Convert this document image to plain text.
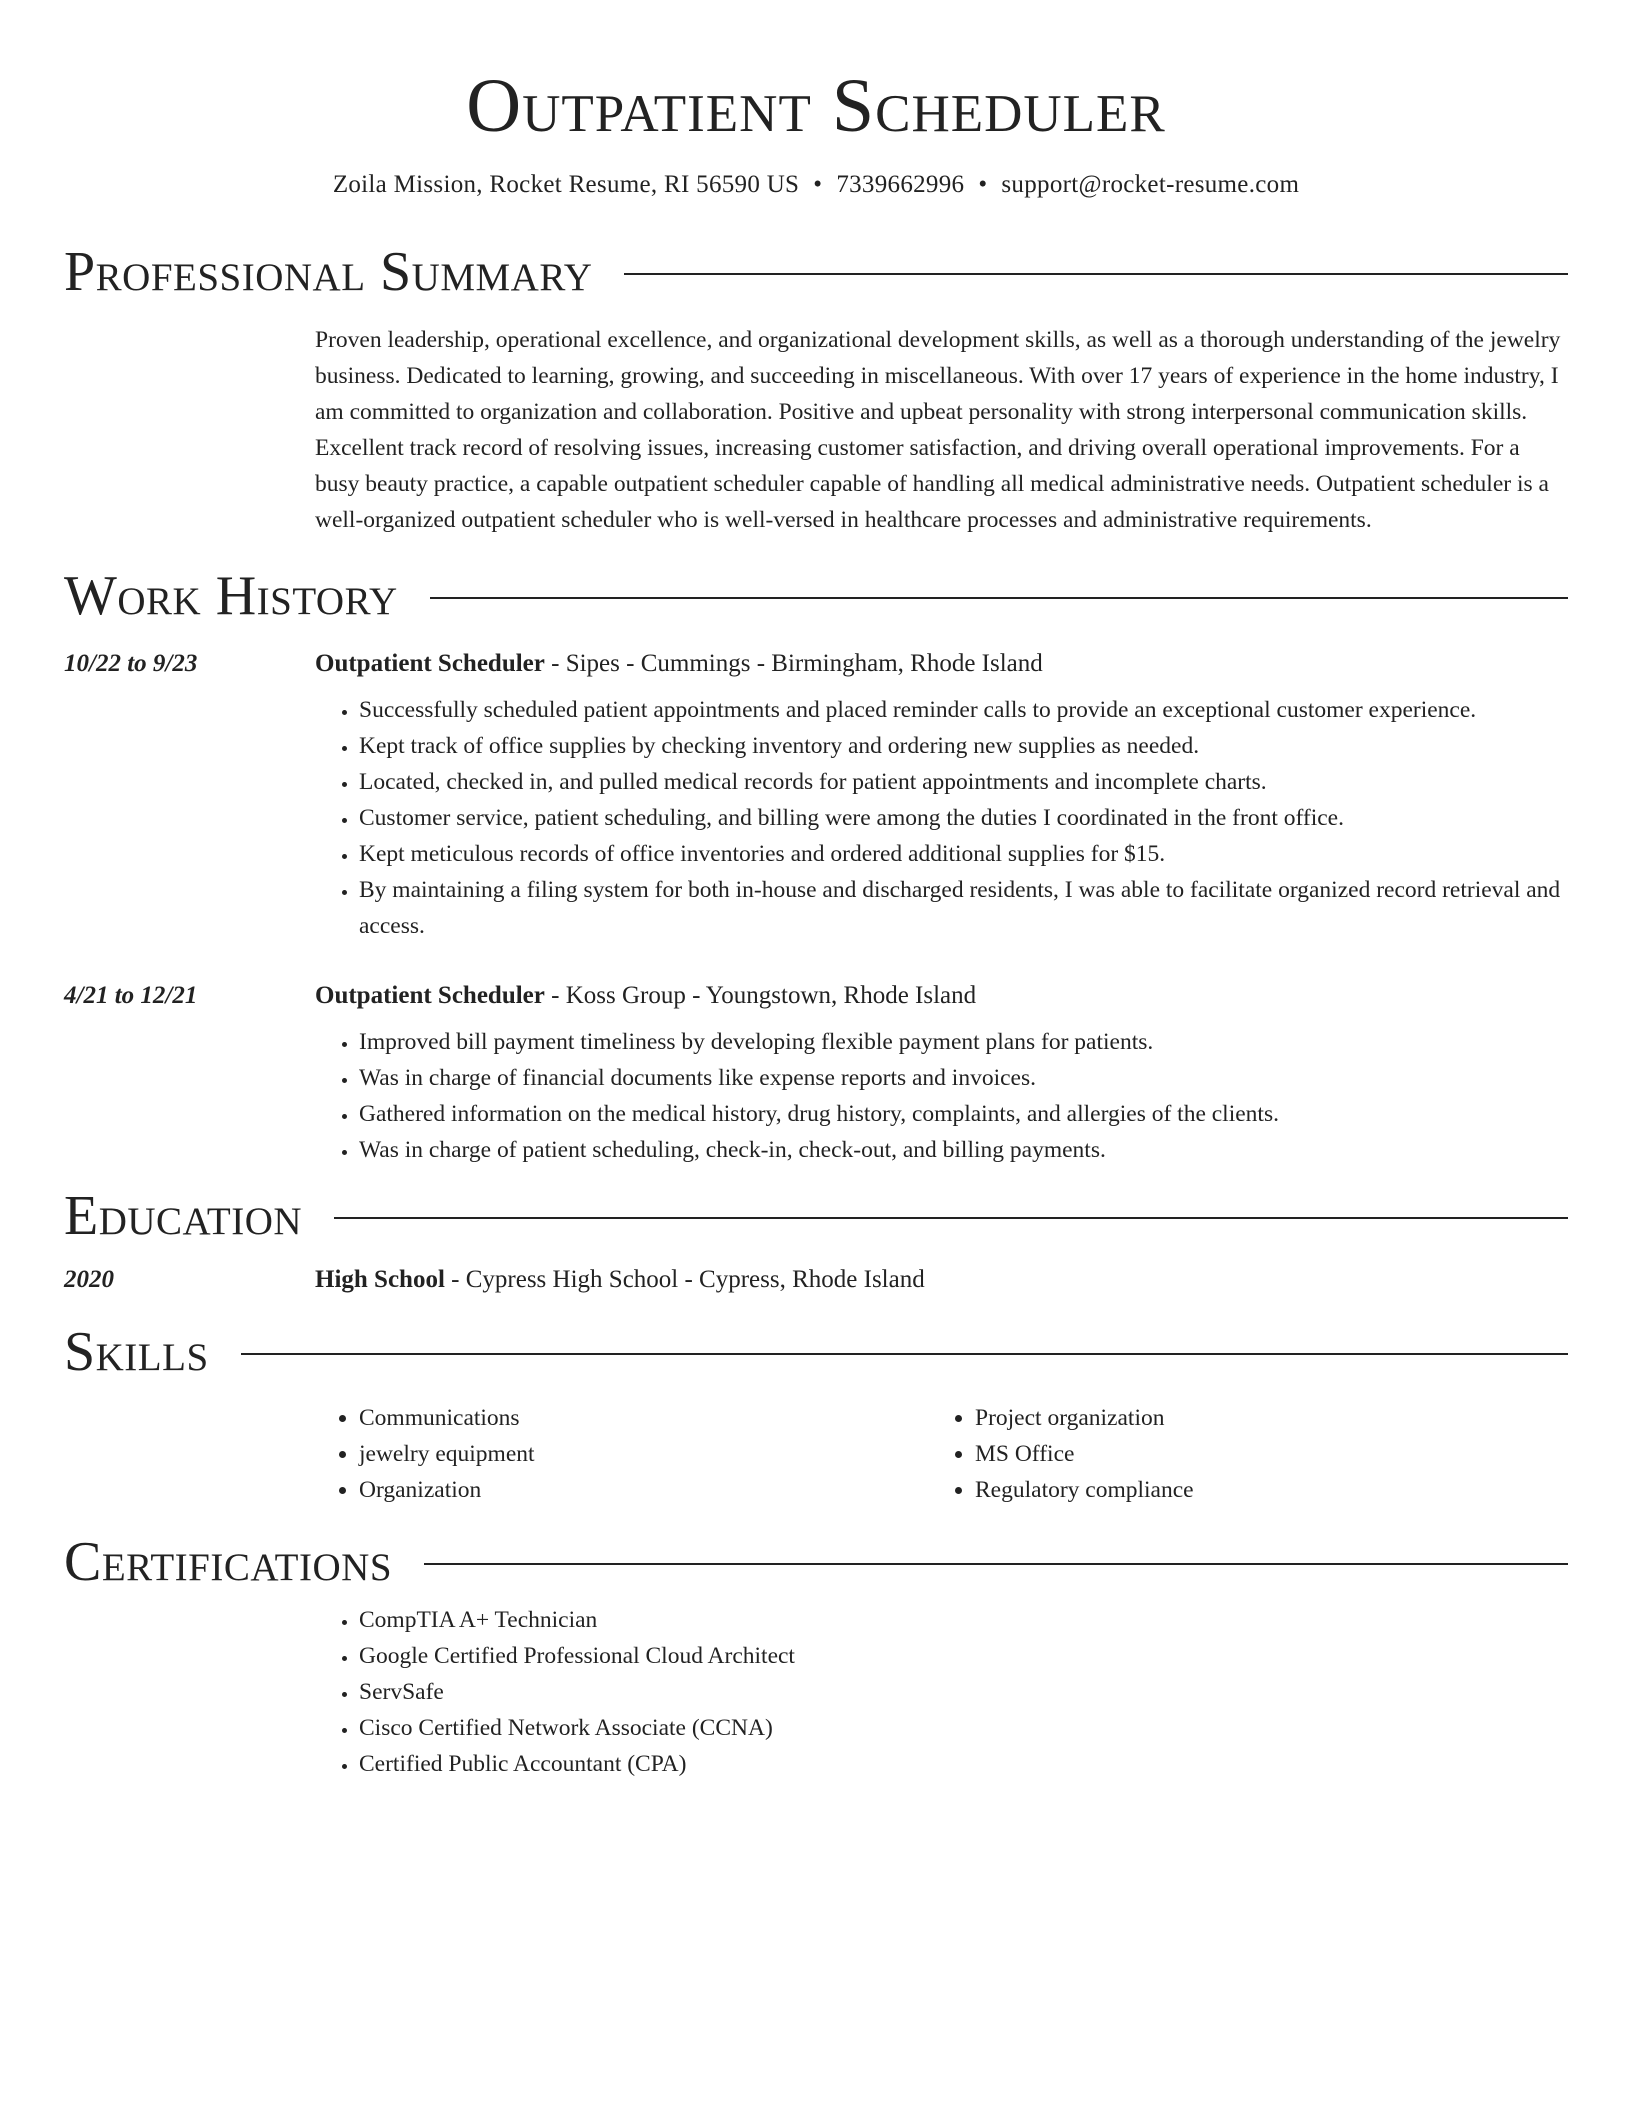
Outpatient Scheduler
Zoila Mission, Rocket Resume, RI 56590 US • 7339662996 • support@rocket-resume.com
Professional Summary
Proven leadership, operational excellence, and organizational development skills, as well as a thorough understanding of the jewelry business. Dedicated to learning, growing, and succeeding in miscellaneous. With over 17 years of experience in the home industry, I am committed to organization and collaboration. Positive and upbeat personality with strong interpersonal communication skills. Excellent track record of resolving issues, increasing customer satisfaction, and driving overall operational improvements. For a busy beauty practice, a capable outpatient scheduler capable of handling all medical administrative needs. Outpatient scheduler is a well-organized outpatient scheduler who is well-versed in healthcare processes and administrative requirements.
Work History
10/22 to 9/23	Outpatient Scheduler - Sipes - Cummings - Birmingham, Rhode Island
• Successfully scheduled patient appointments and placed reminder calls to provide an exceptional customer experience.
• Kept track of office supplies by checking inventory and ordering new supplies as needed.
• Located, checked in, and pulled medical records for patient appointments and incomplete charts.
• Customer service, patient scheduling, and billing were among the duties I coordinated in the front office.
• Kept meticulous records of office inventories and ordered additional supplies for $15.
• By maintaining a filing system for both in-house and discharged residents, I was able to facilitate organized record retrieval and access.
4/21 to 12/21	Outpatient Scheduler - Koss Group - Youngstown, Rhode Island
• Improved bill payment timeliness by developing flexible payment plans for patients.
• Was in charge of financial documents like expense reports and invoices.
• Gathered information on the medical history, drug history, complaints, and allergies of the clients.
• Was in charge of patient scheduling, check-in, check-out, and billing payments.
Education
2020	High School - Cypress High School - Cypress, Rhode Island
Skills
• Communications
• jewelry equipment
• Organization
• Project organization
• MS Office
• Regulatory compliance
Certifications
• CompTIA A+ Technician
• Google Certified Professional Cloud Architect
• ServSafe
• Cisco Certified Network Associate (CCNA)
• Certified Public Accountant (CPA)
